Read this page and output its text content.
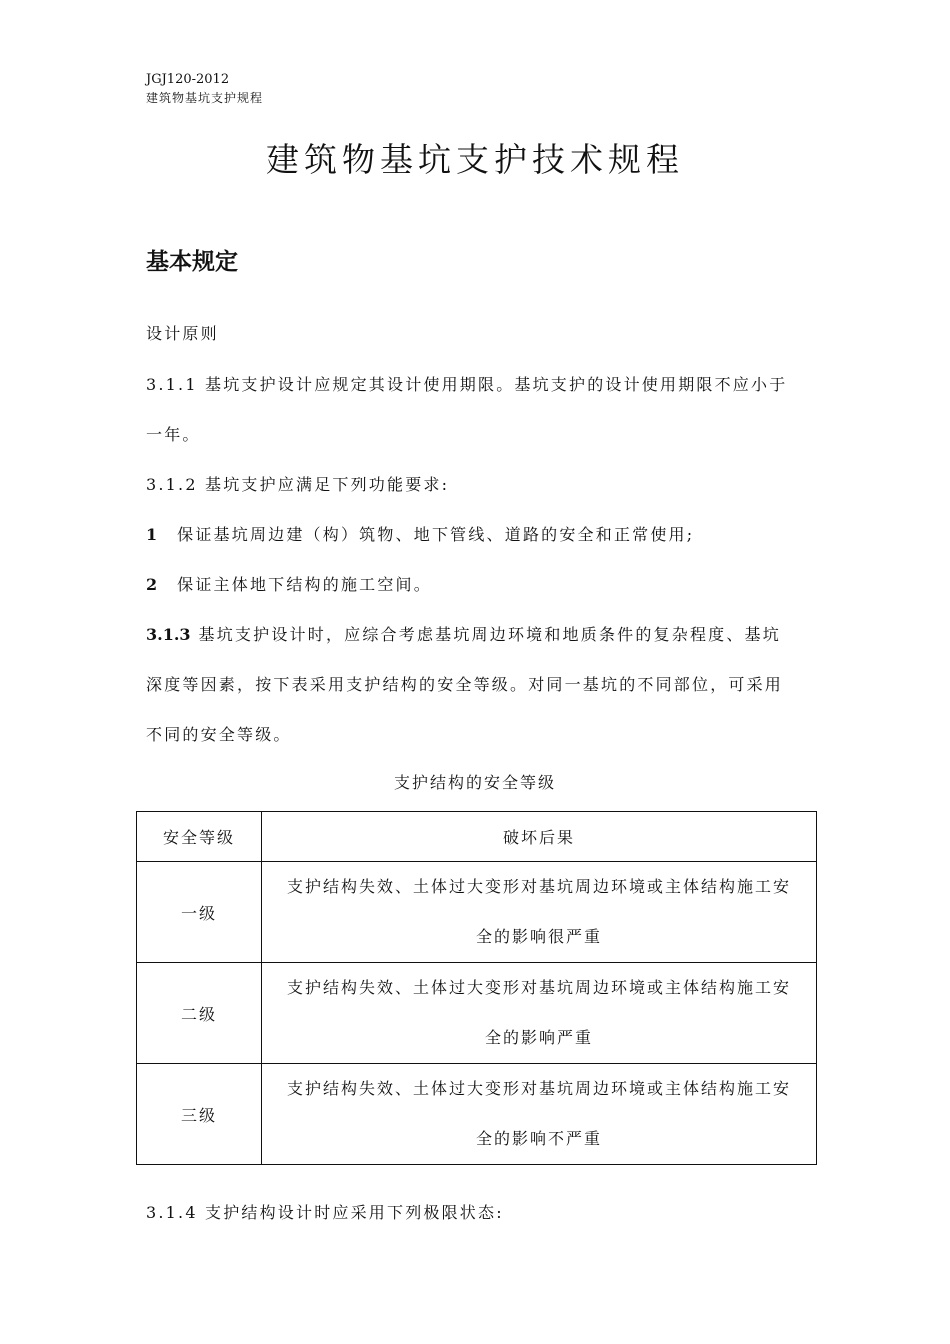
JGJ120-2012
建筑物基坑支护规程
建筑物基坑支护技术规程
基本规定
设计原则
3.1.1 基坑支护设计应规定其设计使用期限。基坑支护的设计使用期限不应小于
一年。
3.1.2 基坑支护应满足下列功能要求:
1 保证基坑周边建（构）筑物、地下管线、道路的安全和正常使用;
2 保证主体地下结构的施工空间。
3.1.3 基坑支护设计时，应综合考虑基坑周边环境和地质条件的复杂程度、基坑
深度等因素，按下表采用支护结构的安全等级。对同一基坑的不同部位，可采用
不同的安全等级。
支护结构的安全等级
安全等级	破坏后果
一级	支护结构失效、土体过大变形对基坑周边环境或主体结构施工安
全的影响很严重

二级	支护结构失效、土体过大变形对基坑周边环境或主体结构施工安
全的影响严重

三级	支护结构失效、土体过大变形对基坑周边环境或主体结构施工安
全的影响不严重
3.1.4 支护结构设计时应采用下列极限状态:
